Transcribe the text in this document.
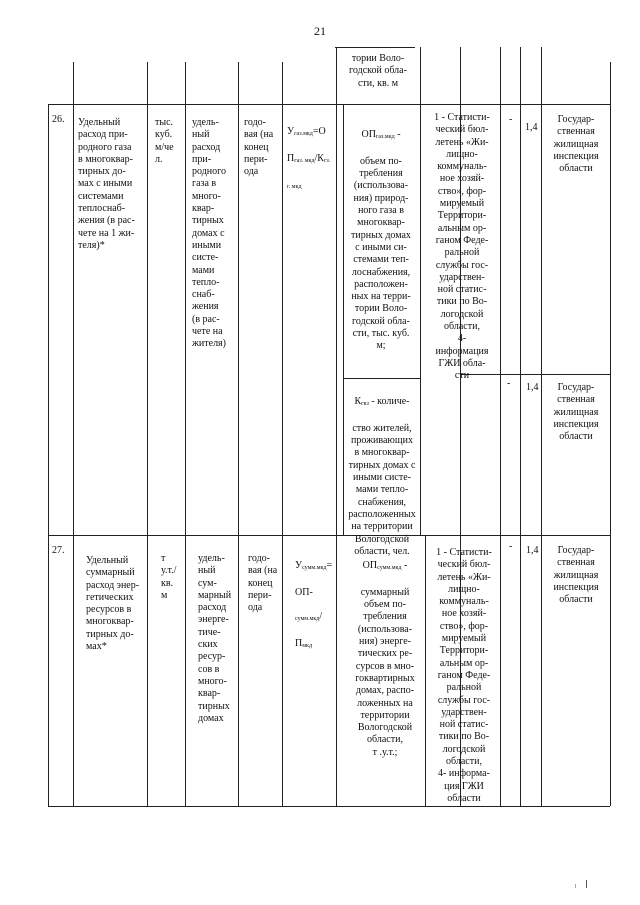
21
тории Воло-
годской обла-
сти, кв. м
26. Удельный
расход при-
родного газа
в многоквар-
тирных до-
мах с иными
системами
теплоснаб-
жения (в рас-
чете на 1 жи-
теля)*
тыс.
куб.
м/че
л.
удель-
ный
расход
при-
родного
газа в
много-
квар-
тирных
домах с
иными
систе-
мами
тепло-
снаб-
жения
(в рас-
чете на
жителя)
годо-
вая (на
конец
пери-
ода

Угаз.мкд=О

Пгаз. мкд/Кгз.

г. мкд

ОПгаз.мкд -

объем по-
требления
(использова-
ния) природ-
ного газа в
многоквар-
тирных домах
с иными си-
стемами теп-
лоснабжения,
расположен-
ных на терри-
тории Воло-
годской обла-
сти, тыс. куб.
м;

Кгкз - количе-

ство жителей,
проживающих
в многоквар-
тирных домах с
иными систе-
мами тепло-
снабжения,
расположенных
на территории
Вологодской
области, чел.

1 - Статисти-
ческий бюл-
летень «Жи-
лищно-
коммуналь-
ное хозяй-
ство», фор-
мируемый
Территори-
альным ор-
ганом Феде-
ральной
службы гос-
ударствен-
ной статис-
тики по Во-
логодской
области,
4-
информация
ГЖИ обла-
сти
-
1,4
Государ-
ственная
жилищная
инспекция
области
- 1,4	Государ-
ственная
жилищная
инспекция
области
27.
Удельный
суммарный
расход энер-
гетических
ресурсов в
многоквар-
тирных до-
мах*
т
у.т./
кв.
м
удель-
ный
сум-
марный
расход
энерге-
тиче-
ских
ресур-
сов в
много-
квар-
тирных
домах
годо-
вая (на
конец
пери-
ода

Усумм.мкд=

ОП-

сумм.мкд/

Пмкд

ОПсумм.мкд -

суммарный
объем по-
требления
(использова-
ния) энерге-
тических ре-
сурсов в мно-
гоквартирных
домах, распо-
ложенных на
территории
Вологодской
области,
т .у.т.;

1 - Статисти-
ческий бюл-
летень «Жи-
лищно-
коммуналь-
ное хозяй-
ство», фор-
мируемый
Территори-
альным ор-
ганом Феде-
ральной
службы гос-
ударствен-
ной статис-
тики по Во-
логодской
области,
4- информа-
ция ГЖИ
области
- 1,4	Государ-
ственная
жилищная
инспекция
области
